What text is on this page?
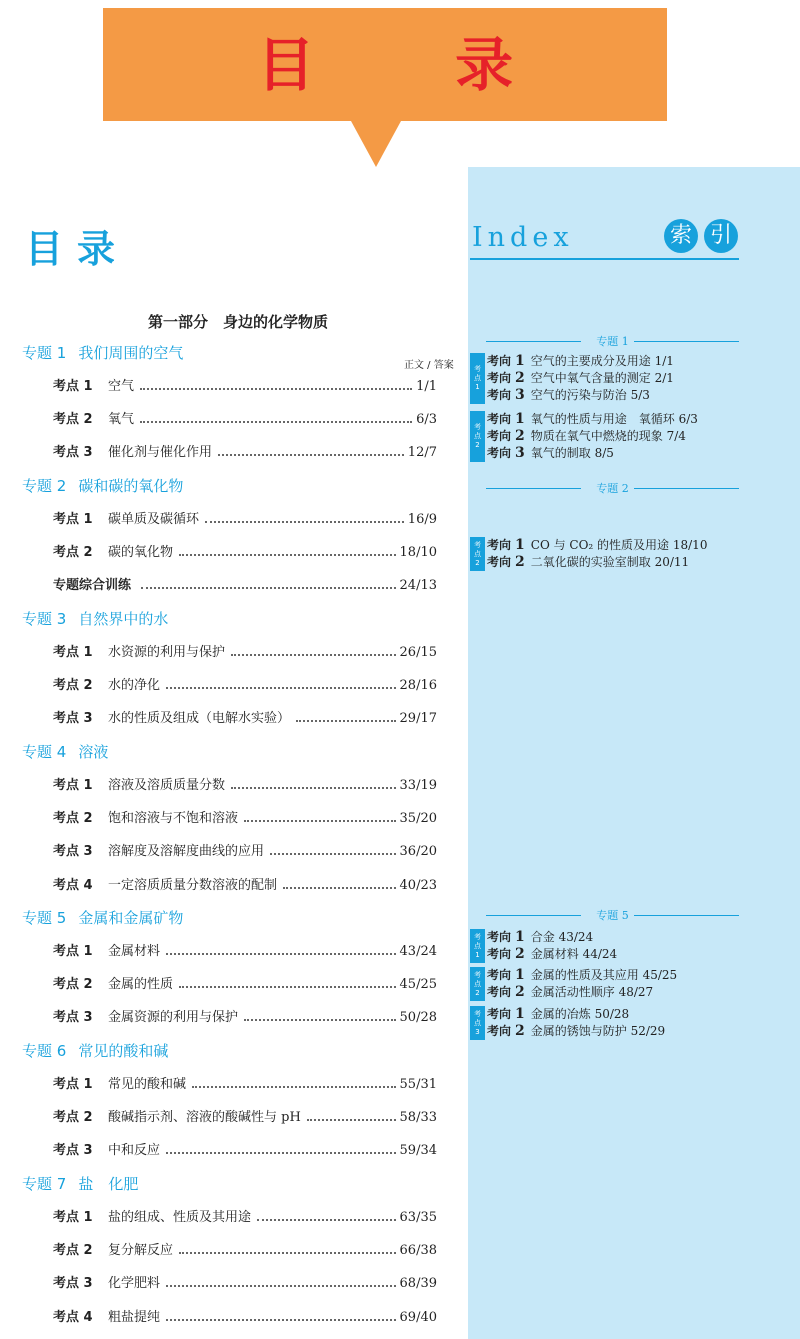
目 录
Index	索 引
目录
第一部分　身边的化学物质
正文 / 答案
专题 1 我们周围的空气
考点 1	空气	1/1
考点 2	氧气	6/3
考点 3	催化剂与催化作用	12/7
专题 2 碳和碳的氧化物
考点 1	碳单质及碳循环	16/9
考点 2	碳的氧化物	18/10
专题综合训练	24/13
专题 3 自然界中的水
考点 1	水资源的利用与保护	26/15
考点 2	水的净化	28/16
考点 3	水的性质及组成（电解水实验）	29/17
专题 4 溶液
考点 1	溶液及溶质质量分数	33/19
考点 2	饱和溶液与不饱和溶液	35/20
考点 3	溶解度及溶解度曲线的应用	36/20
考点 4	一定溶质质量分数溶液的配制	40/23
专题 5 金属和金属矿物
考点 1	金属材料	43/24
考点 2	金属的性质	45/25
考点 3	金属资源的利用与保护	50/28
专题 6 常见的酸和碱
考点 1	常见的酸和碱	55/31
考点 2	酸碱指示剂、溶液的酸碱性与 pH	58/33
考点 3	中和反应	59/34
专题 7 盐　化肥
考点 1	盐的组成、性质及其用途	63/35
考点 2	复分解反应	66/38
考点 3	化学肥料	68/39
考点 4	粗盐提纯	69/40
专题 1
考
点
1
考向 1 空气的主要成分及用途 1/1
考向 2 空气中氧气含量的测定 2/1
考向 3 空气的污染与防治 5/3
考
点
2
考向 1 氧气的性质与用途　氧循环 6/3
考向 2 物质在氧气中燃烧的现象 7/4
考向 3 氧气的制取 8/5
专题 2
考
点
2
考向 1 CO 与 CO₂ 的性质及用途 18/10
考向 2 二氧化碳的实验室制取 20/11
专题 5
考
点
1
考向 1 合金 43/24
考向 2 金属材料 44/24
考
点
2
考向 1 金属的性质及其应用 45/25
考向 2 金属活动性顺序 48/27
考
点
3
考向 1 金属的冶炼 50/28
考向 2 金属的锈蚀与防护 52/29
